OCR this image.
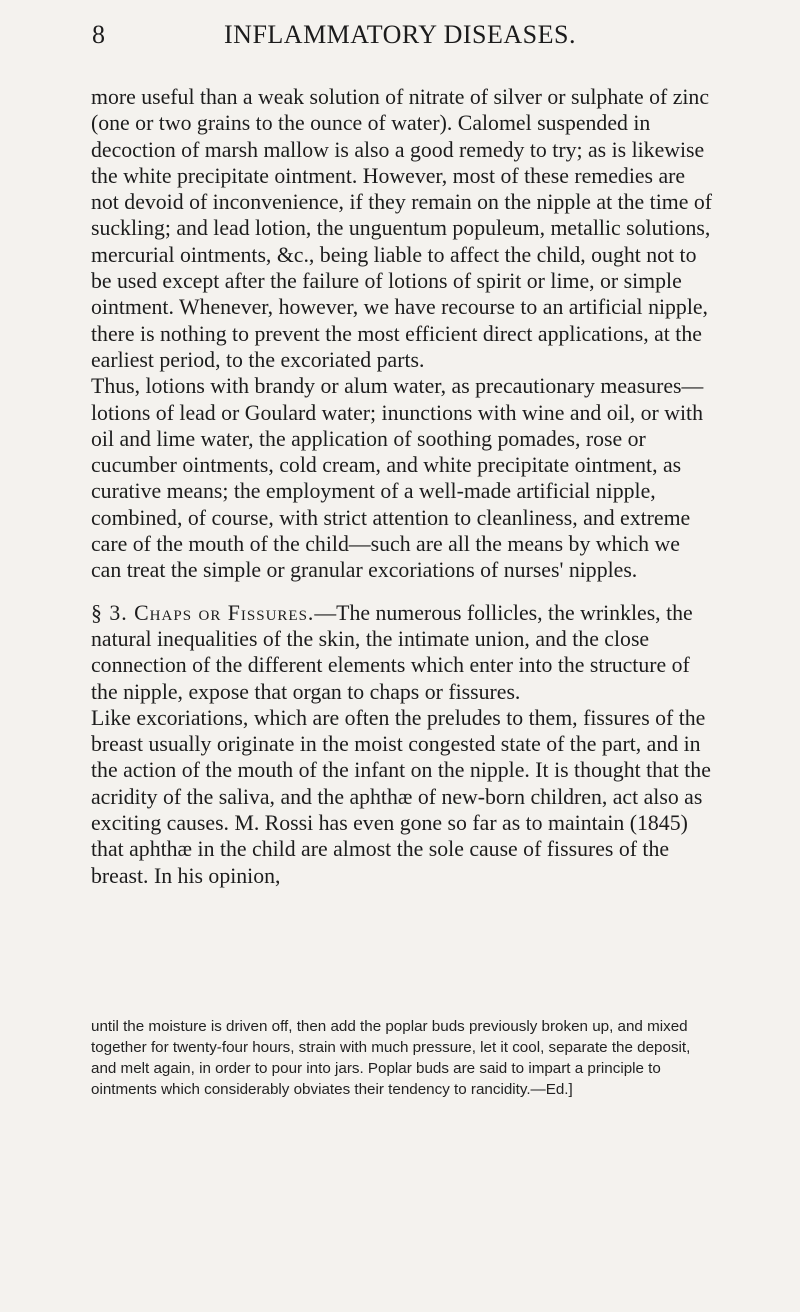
8	INFLAMMATORY DISEASES.

more useful than a weak solution of nitrate of silver or sulphate of zinc (one or two grains to the ounce of water). Calomel suspended in decoction of marsh mallow is also a good remedy to try; as is likewise the white precipitate ointment. However, most of these remedies are not devoid of inconvenience, if they remain on the nipple at the time of suckling; and lead lotion, the unguentum populeum, metallic solutions, mercurial ointments, &c., being liable to affect the child, ought not to be used except after the failure of lotions of spirit or lime, or simple ointment. Whenever, however, we have recourse to an artificial nipple, there is nothing to prevent the most efficient direct applications, at the earliest period, to the excoriated parts.

Thus, lotions with brandy or alum water, as precautionary measures—lotions of lead or Goulard water; inunctions with wine and oil, or with oil and lime water, the application of soothing pomades, rose or cucumber ointments, cold cream, and white precipitate ointment, as curative means; the employment of a well-made artificial nipple, combined, of course, with strict attention to cleanliness, and extreme care of the mouth of the child—such are all the means by which we can treat the simple or granular excoriations of nurses' nipples.

§ 3. Chaps or Fissures.—The numerous follicles, the wrinkles, the natural inequalities of the skin, the intimate union, and the close connection of the different elements which enter into the structure of the nipple, expose that organ to chaps or fissures.

Like excoriations, which are often the preludes to them, fissures of the breast usually originate in the moist congested state of the part, and in the action of the mouth of the infant on the nipple. It is thought that the acridity of the saliva, and the aphthæ of new-born children, act also as exciting causes. M. Rossi has even gone so far as to maintain (1845) that aphthæ in the child are almost the sole cause of fissures of the breast. In his opinion,

until the moisture is driven off, then add the poplar buds previously broken up, and mixed together for twenty-four hours, strain with much pressure, let it cool, separate the deposit, and melt again, in order to pour into jars. Poplar buds are said to impart a principle to ointments which considerably obviates their tendency to rancidity.—Ed.]
